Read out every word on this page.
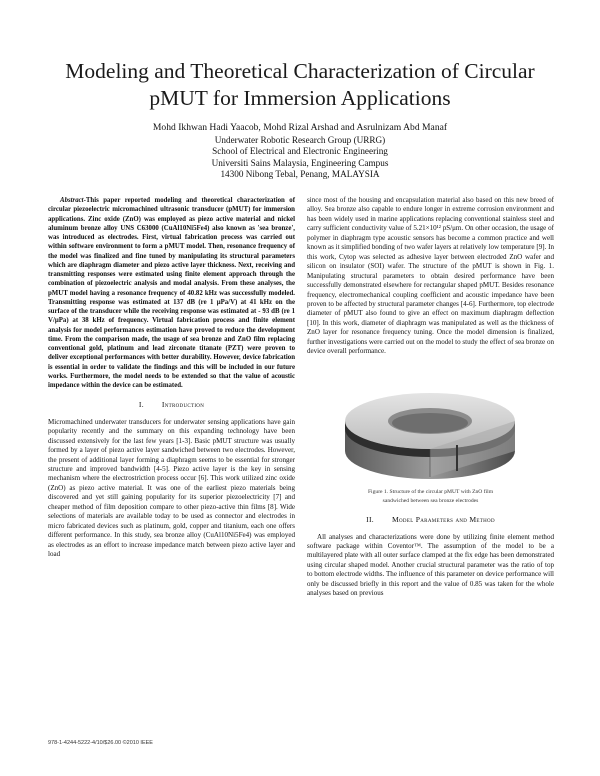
Modeling and Theoretical Characterization of Circular pMUT for Immersion Applications
Mohd Ikhwan Hadi Yaacob, Mohd Rizal Arshad and Asrulnizam Abd Manaf
Underwater Robotic Research Group (URRG)
School of Electrical and Electronic Engineering
Universiti Sains Malaysia, Engineering Campus
14300 Nibong Tebal, Penang, MALAYSIA

Abstract-This paper reported modeling and theoretical characterization of circular piezoelectric micromachined ultrasonic transducer (pMUT) for immersion applications. Zinc oxide (ZnO) was employed as piezo active material and nickel aluminum bronze alloy UNS C63000 (CuAl10Ni5Fe4) also known as 'sea bronze', was introduced as electrodes. First, virtual fabrication process was carried out within software environment to form a pMUT model. Then, resonance frequency of the model was finalized and fine tuned by manipulating its structural parameters which are diaphragm diameter and piezo active layer thickness. Next, receiving and transmitting responses were estimated using finite element approach through the combination of piezoelectric analysis and modal analysis. From these analyses, the pMUT model having a resonance frequency of 40.82 kHz was successfully modeled. Transmitting response was estimated at 137 dB (re 1 μPa/V) at 41 kHz on the surface of the transducer while the receiving response was estimated at - 93 dB (re 1 V/μPa) at 38 kHz of frequency. Virtual fabrication process and finite element analysis for model performances estimation have proved to reduce the development time. From the comparison made, the usage of sea bronze and ZnO film replacing conventional gold, platinum and lead zirconate titanate (PZT) were proven to deliver exceptional performances with better durability. However, device fabrication is essential in order to validate the findings and this will be included in our future works. Furthermore, the model needs to be extended so that the value of acoustic impedance within the device can be estimated.

I. Introduction

Micromachined underwater transducers for underwater sensing applications have gain popularity recently and the summary on this expanding technology have been discussed extensively for the last few years [1-3]. Basic pMUT structure was usually formed by a layer of piezo active layer sandwiched between two electrodes. However, the present of additional layer forming a diaphragm seems to be essential for stronger structure and improved bandwidth [4-5]. Piezo active layer is the key in sensing mechanism where the electrostriction process occur [6]. This work utilized zinc oxide (ZnO) as piezo active material. It was one of the earliest piezo materials being discovered and yet still gaining popularity for its superior piezoelectricity [7] and cheaper method of film deposition compare to other piezo-active thin films [8]. Wide selections of materials are available today to be used as connector and electrodes in micro fabricated devices such as platinum, gold, copper and titanium, each one offers different performance. In this study, sea bronze alloy (CuAl10Ni5Fe4) was employed as electrodes as an effort to increase impedance match between piezo active layer and load

since most of the housing and encapsulation material also based on this new breed of alloy. Sea bronze also capable to endure longer in extreme corrosion environment and has been widely used in marine applications replacing conventional stainless steel and carry sufficient conductivity value of 5.21×10¹² pS/μm. On other occasion, the usage of polymer in diaphragm type acoustic sensors has become a common practice and well known as it simplified bonding of two wafer layers at relatively low temperature [9]. In this work, Cytop was selected as adhesive layer between electroded ZnO wafer and silicon on insulator (SOI) wafer. The structure of the pMUT is shown in Fig. 1. Manipulating structural parameters to obtain desired performance have been successfully demonstrated elsewhere for rectangular shaped pMUT. Besides resonance frequency, electromechanical coupling coefficient and acoustic impedance have been proven to be affected by structural parameter changes [4-6]. Furthermore, top electrode diameter of pMUT also found to give an effect on maximum diaphragm deflection [10]. In this work, diameter of diaphragm was manipulated as well as the thickness of ZnO layer for resonance frequency tuning. Once the model dimension is finalized, further investigations were carried out on the model to study the effect of sea bronze on device overall performance.

Figure 1. Structure of the circular pMUT with ZnO film

sandwiched between sea bronze electrodes

II. Model Parameters and Method

All analyses and characterizations were done by utilizing finite element method software package within Coventor™. The assumption of the model to be a multilayered plate with all outer surface clamped at the fix edge has been demonstrated using circular shaped model. Another crucial structural parameter was the ratio of top to bottom electrode widths. The influence of this parameter on device performance will only be discussed briefly in this report and the value of 0.85 was taken for the whole analyses based on previous

978-1-4244-5222-4/10/$26.00 ©2010 IEEE
